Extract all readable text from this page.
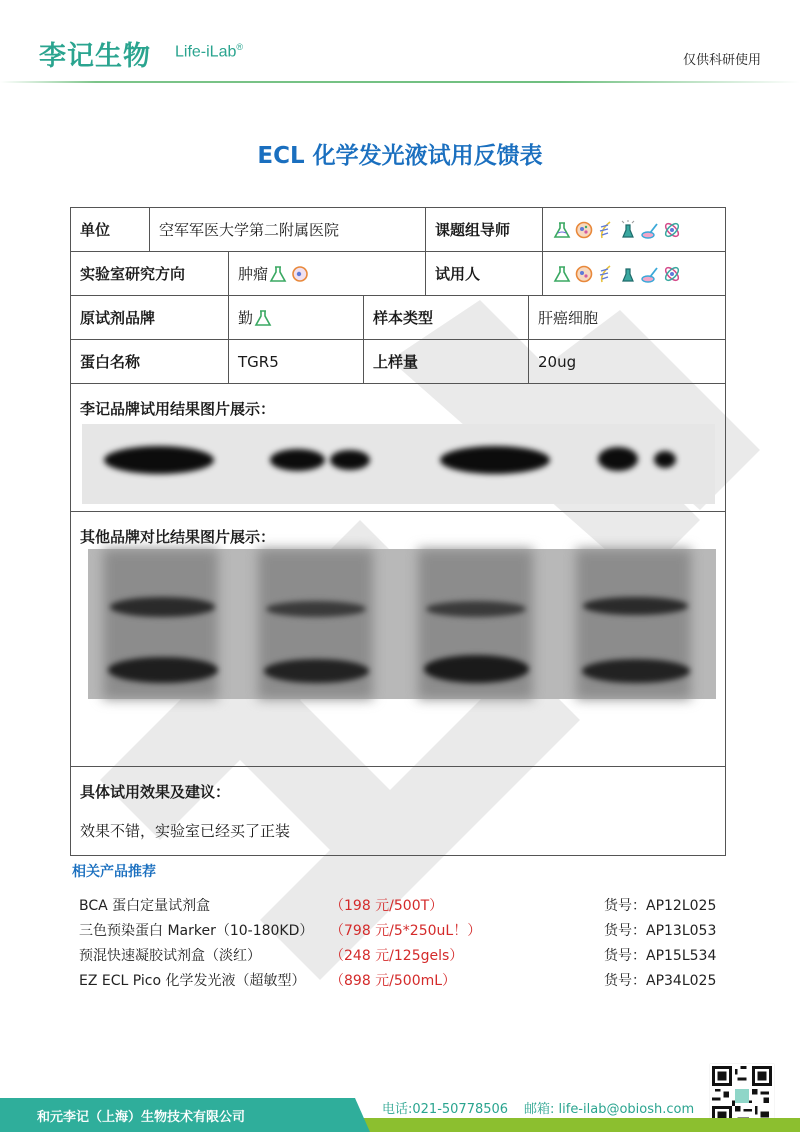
李记生物 Life-iLab®
仅供科研使用
ECL 化学发光液试用反馈表
单位	空军军医大学第二附属医院	课题组导师
实验室研究方向	肿瘤	试用人
原试剂品牌	勤	样本类型	肝癌细胞
蛋白名称	TGR5	上样量	20ug
李记品牌试用结果图片展示：
其他品牌对比结果图片展示：
具体试用效果及建议：
效果不错，实验室已经买了正装
相关产品推荐
BCA 蛋白定量试剂盒	（198 元/500T）	货号：AP12L025
三色预染蛋白 Marker（10-180KD） （798 元/5*250uL！）	货号：AP13L053
预混快速凝胶试剂盒（淡红）	（248 元/125gels）	货号：AP15L534
EZ ECL Pico 化学发光液（超敏型） （898 元/500mL）	货号：AP34L025
和元李记（上海）生物技术有限公司
电话:021-50778506 邮箱: life-ilab@obiosh.com
